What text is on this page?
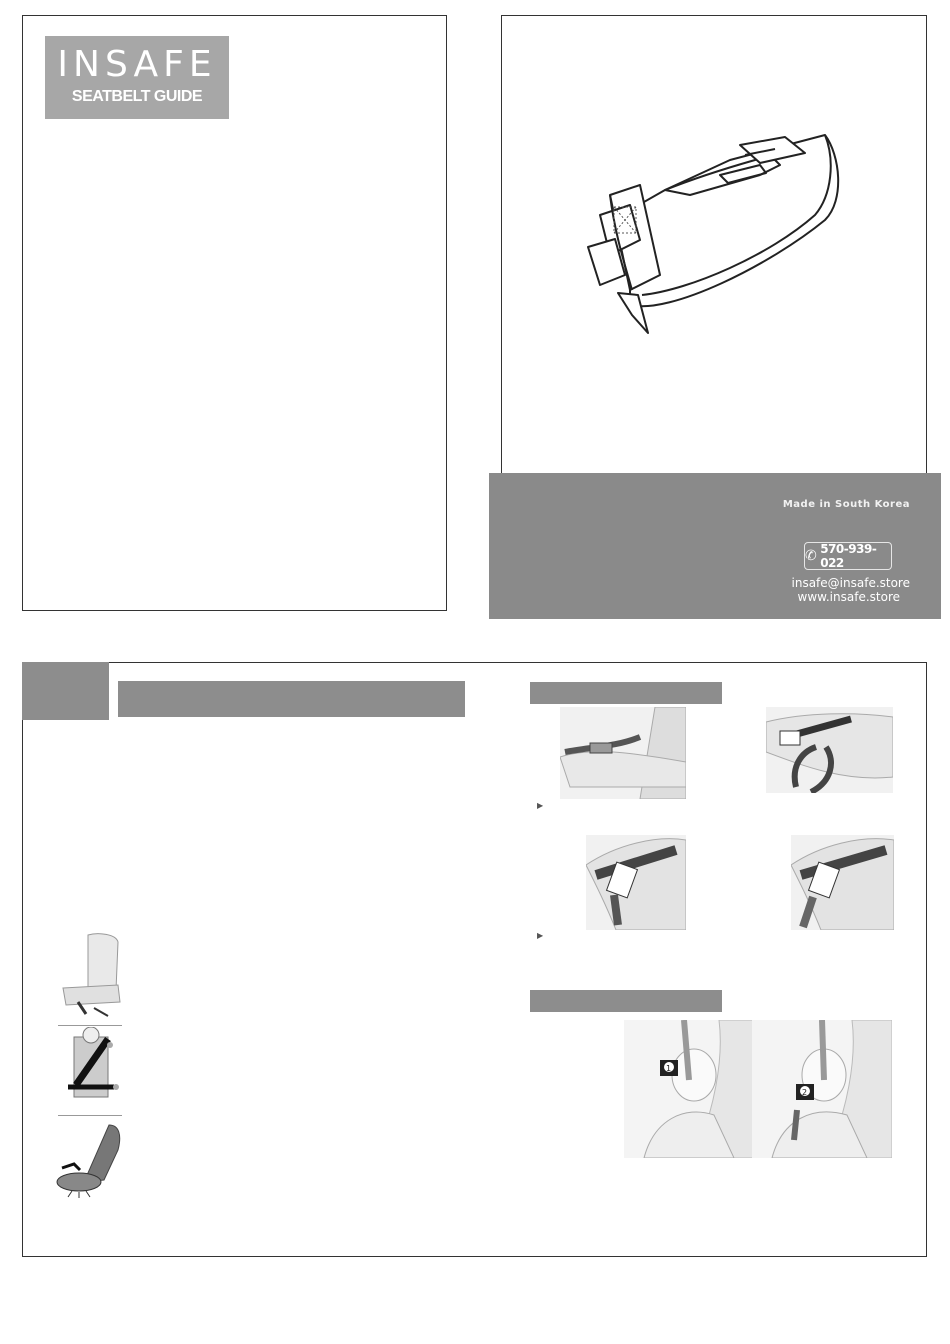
INSAFE
SEATBELT GUIDE
Made in South Korea
✆ 570-939-022
insafe@insafe.store
www.insafe.store
▶
▶
1
2
